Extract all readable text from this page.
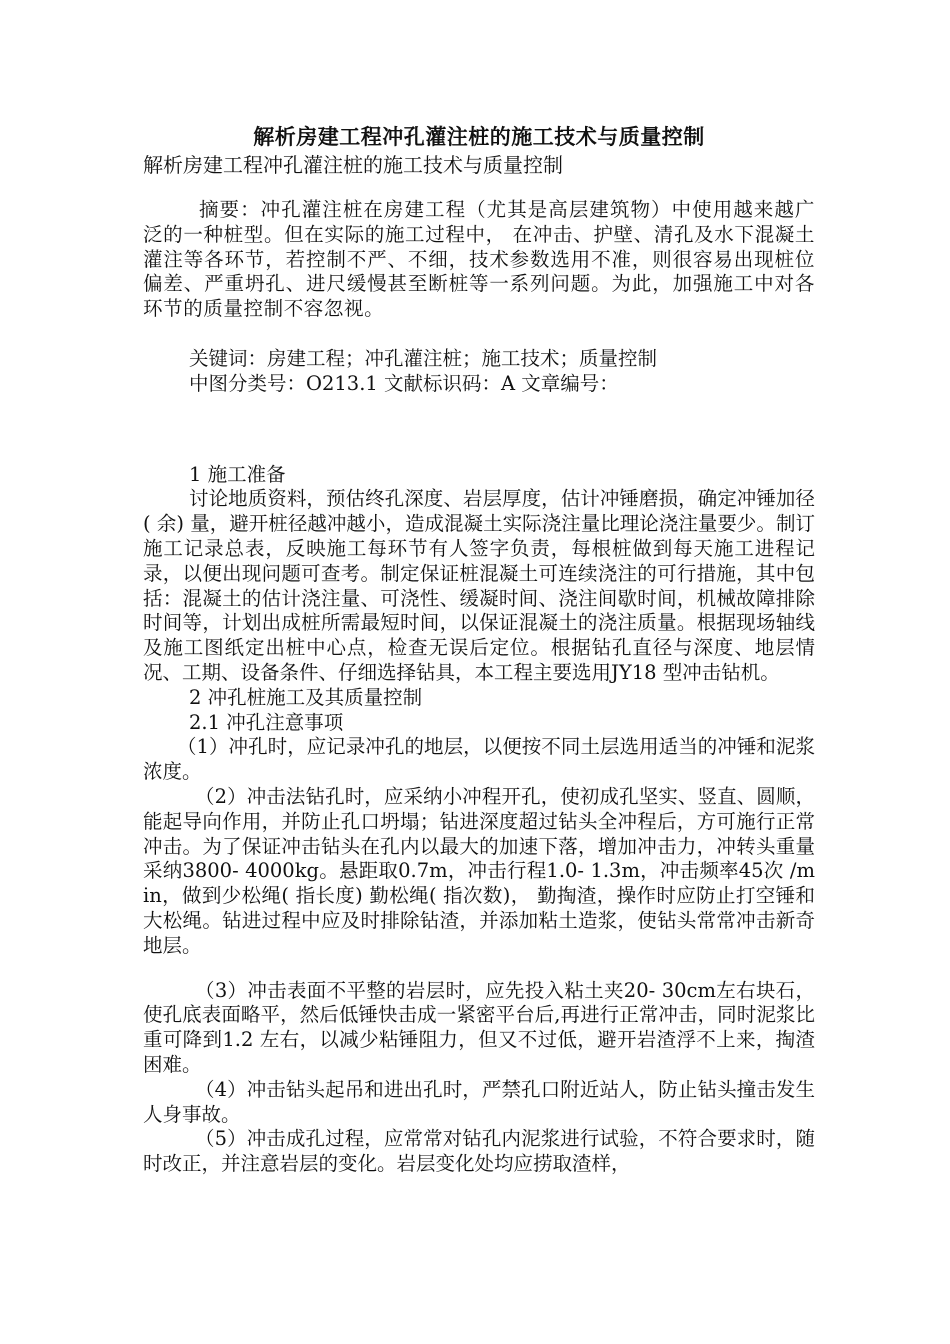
解析房建工程冲孔灌注桩的施工技术与质量控制

解析房建工程冲孔灌注桩的施工技术与质量控制

摘要：冲孔灌注桩在房建工程（尤其是高层建筑物）中使用越来越广泛的一种桩型。但在实际的施工过程中， 在冲击、护壁、清孔及水下混凝土灌注等各环节，若控制不严、不细，技术参数选用不准，则很容易出现桩位偏差、严重坍孔、进尺缓慢甚至断桩等一系列问题。为此，加强施工中对各环节的质量控制不容忽视。

关键词：房建工程；冲孔灌注桩；施工技术；质量控制

中图分类号：O213.1 文献标识码：A 文章编号：

1 施工准备

讨论地质资料，预估终孔深度、岩层厚度，估计冲锤磨损，确定冲锤加径( 余) 量，避开桩径越冲越小，造成混凝土实际浇注量比理论浇注量要少。制订施工记录总表，反映施工每环节有人签字负责，每根桩做到每天施工进程记录，以便出现问题可查考。制定保证桩混凝土可连续浇注的可行措施，其中包括：混凝土的估计浇注量、可浇性、缓凝时间、浇注间歇时间，机械故障排除时间等，计划出成桩所需最短时间，以保证混凝土的浇注质量。根据现场轴线及施工图纸定出桩中心点，检查无误后定位。根据钻孔直径与深度、地层情况、工期、设备条件、仔细选择钻具，本工程主要选用JY18 型冲击钻机。

2 冲孔桩施工及其质量控制

2.1 冲孔注意事项

（1）冲孔时，应记录冲孔的地层，以便按不同土层选用适当的冲锤和泥浆浓度。

（2）冲击法钻孔时，应采纳小冲程开孔，使初成孔坚实、竖直、圆顺，能起导向作用，并防止孔口坍塌；钻进深度超过钻头全冲程后，方可施行正常冲击。为了保证冲击钻头在孔内以最大的加速下落，增加冲击力，冲转头重量采纳3800- 4000kg。悬距取0.7m，冲击行程1.0- 1.3m，冲击频率45次 /min，做到少松绳( 指长度) 勤松绳( 指次数)， 勤掏渣，操作时应防止打空锤和大松绳。钻进过程中应及时排除钻渣，并添加粘土造浆，使钻头常常冲击新奇地层。

（3）冲击表面不平整的岩层时，应先投入粘土夹20- 30cm左右块石，使孔底表面略平，然后低锤快击成一紧密平台后,再进行正常冲击，同时泥浆比重可降到1.2 左右，以减少粘锤阻力，但又不过低，避开岩渣浮不上来，掏渣困难。

（4）冲击钻头起吊和进出孔时，严禁孔口附近站人，防止钻头撞击发生人身事故。

（5）冲击成孔过程，应常常对钻孔内泥浆进行试验，不符合要求时，随时改正，并注意岩层的变化。岩层变化处均应捞取渣样，
